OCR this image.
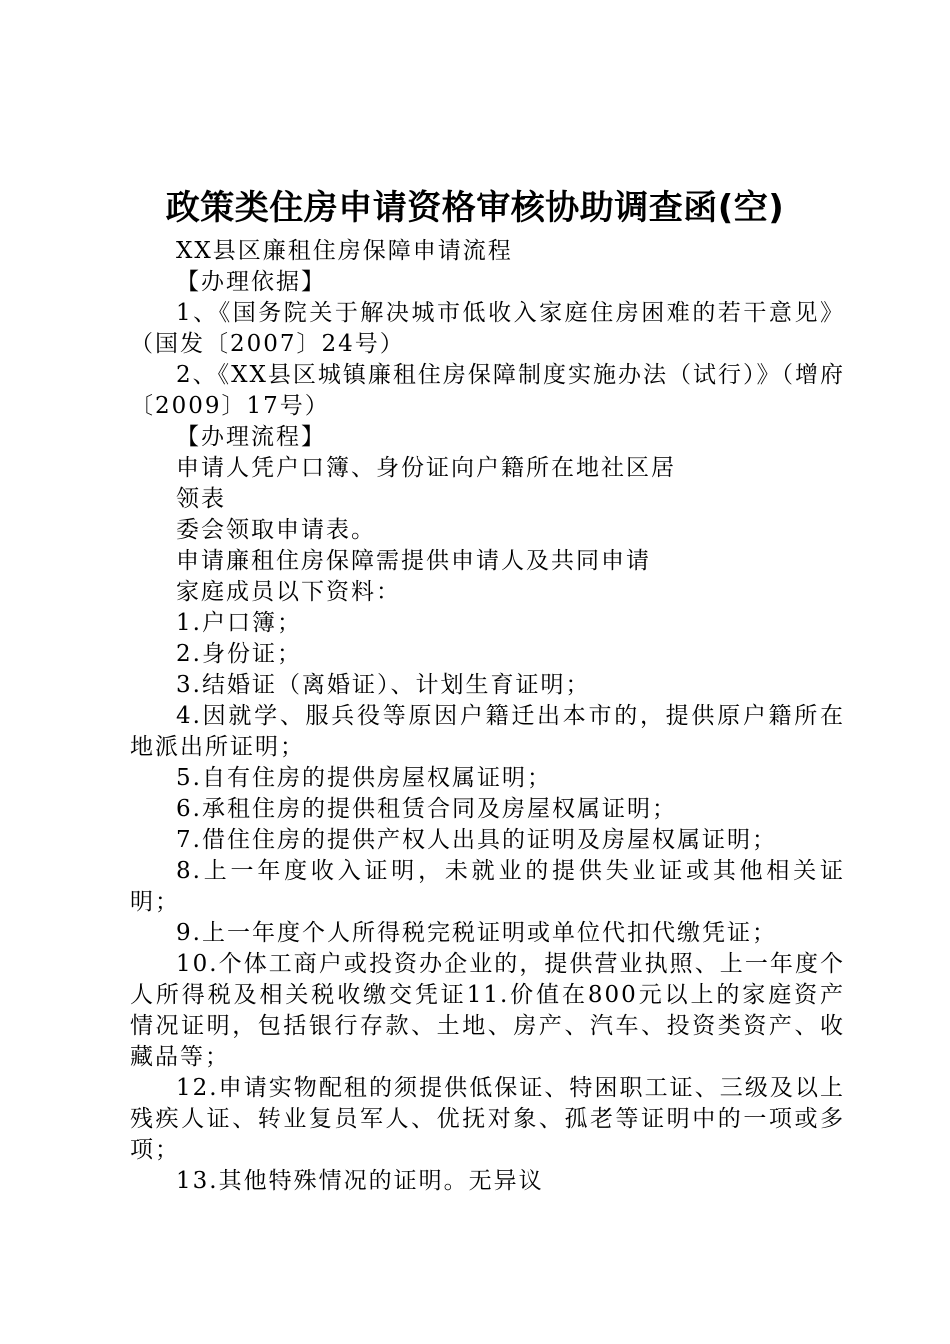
政策类住房申请资格审核协助调查函(空)

XX县区廉租住房保障申请流程

【办理依据】

1、《国务院关于解决城市低收入家庭住房困难的若干意见》（国发〔2007〕24号）

2、《XX县区城镇廉租住房保障制度实施办法（试行）》（增府〔2009〕17号）

【办理流程】

申请人凭户口簿、身份证向户籍所在地社区居

领表

委会领取申请表。

申请廉租住房保障需提供申请人及共同申请

家庭成员以下资料：

1.户口簿；

2.身份证；

3.结婚证（离婚证）、计划生育证明；

4.因就学、服兵役等原因户籍迁出本市的，提供原户籍所在地派出所证明；

5.自有住房的提供房屋权属证明；

6.承租住房的提供租赁合同及房屋权属证明；

7.借住住房的提供产权人出具的证明及房屋权属证明；

8.上一年度收入证明，未就业的提供失业证或其他相关证明；

9.上一年度个人所得税完税证明或单位代扣代缴凭证；

10.个体工商户或投资办企业的，提供营业执照、上一年度个人所得税及相关税收缴交凭证11.价值在800元以上的家庭资产情况证明，包括银行存款、土地、房产、汽车、投资类资产、收藏品等；

12.申请实物配租的须提供低保证、特困职工证、三级及以上残疾人证、转业复员军人、优抚对象、孤老等证明中的一项或多项；

13.其他特殊情况的证明。无异议
